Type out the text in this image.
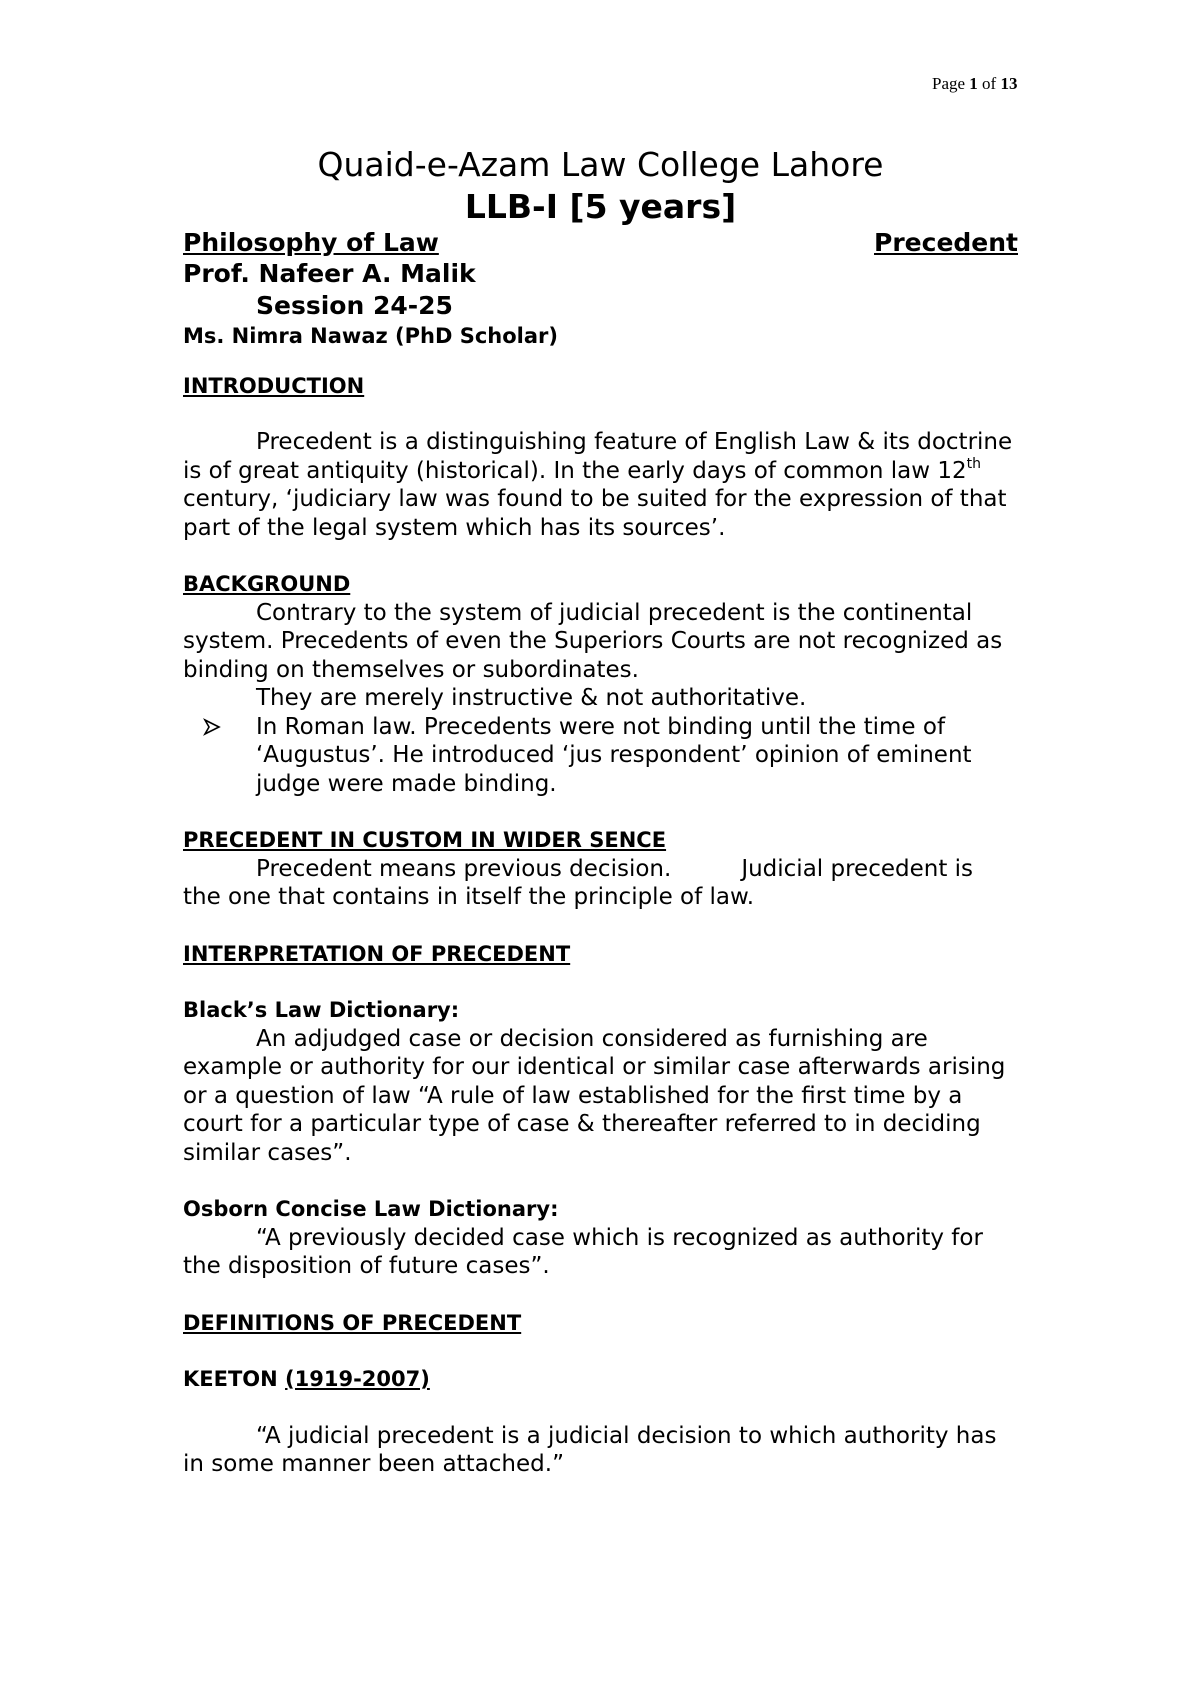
Page 1 of 13
Quaid-e-Azam Law College Lahore
LLB-I [5 years]
Philosophy of Law	Precedent
Prof. Nafeer A. Malik
Session 24-25
Ms. Nimra Nawaz (PhD Scholar)
INTRODUCTION

Precedent is a distinguishing feature of English Law & its doctrine is of great antiquity (historical). In the early days of common law 12th century, ‘judiciary law was found to be suited for the expression of that part of the legal system which has its sources’.

BACKGROUND

Contrary to the system of judicial precedent is the continental system. Precedents of even the Superiors Courts are not recognized as binding on themselves or subordinates.

They are merely instructive & not authoritative.

In Roman law. Precedents were not binding until the time of ‘Augustus’. He introduced ‘jus respondent’ opinion of eminent judge were made binding.
PRECEDENT IN CUSTOM IN WIDER SENCE

Precedent means previous decision.	Judicial precedent is the one that contains in itself the principle of law.

INTERPRETATION OF PRECEDENT
Black’s Law Dictionary:

An adjudged case or decision considered as furnishing are example or authority for our identical or similar case afterwards arising or a question of law “A rule of law established for the first time by a court for a particular type of case & thereafter referred to in deciding similar cases”.

Osborn Concise Law Dictionary:

“A previously decided case which is recognized as authority for the disposition of future cases”.

DEFINITIONS OF PRECEDENT
KEETON (1919-2007)

“A judicial precedent is a judicial decision to which authority has in some manner been attached.”
